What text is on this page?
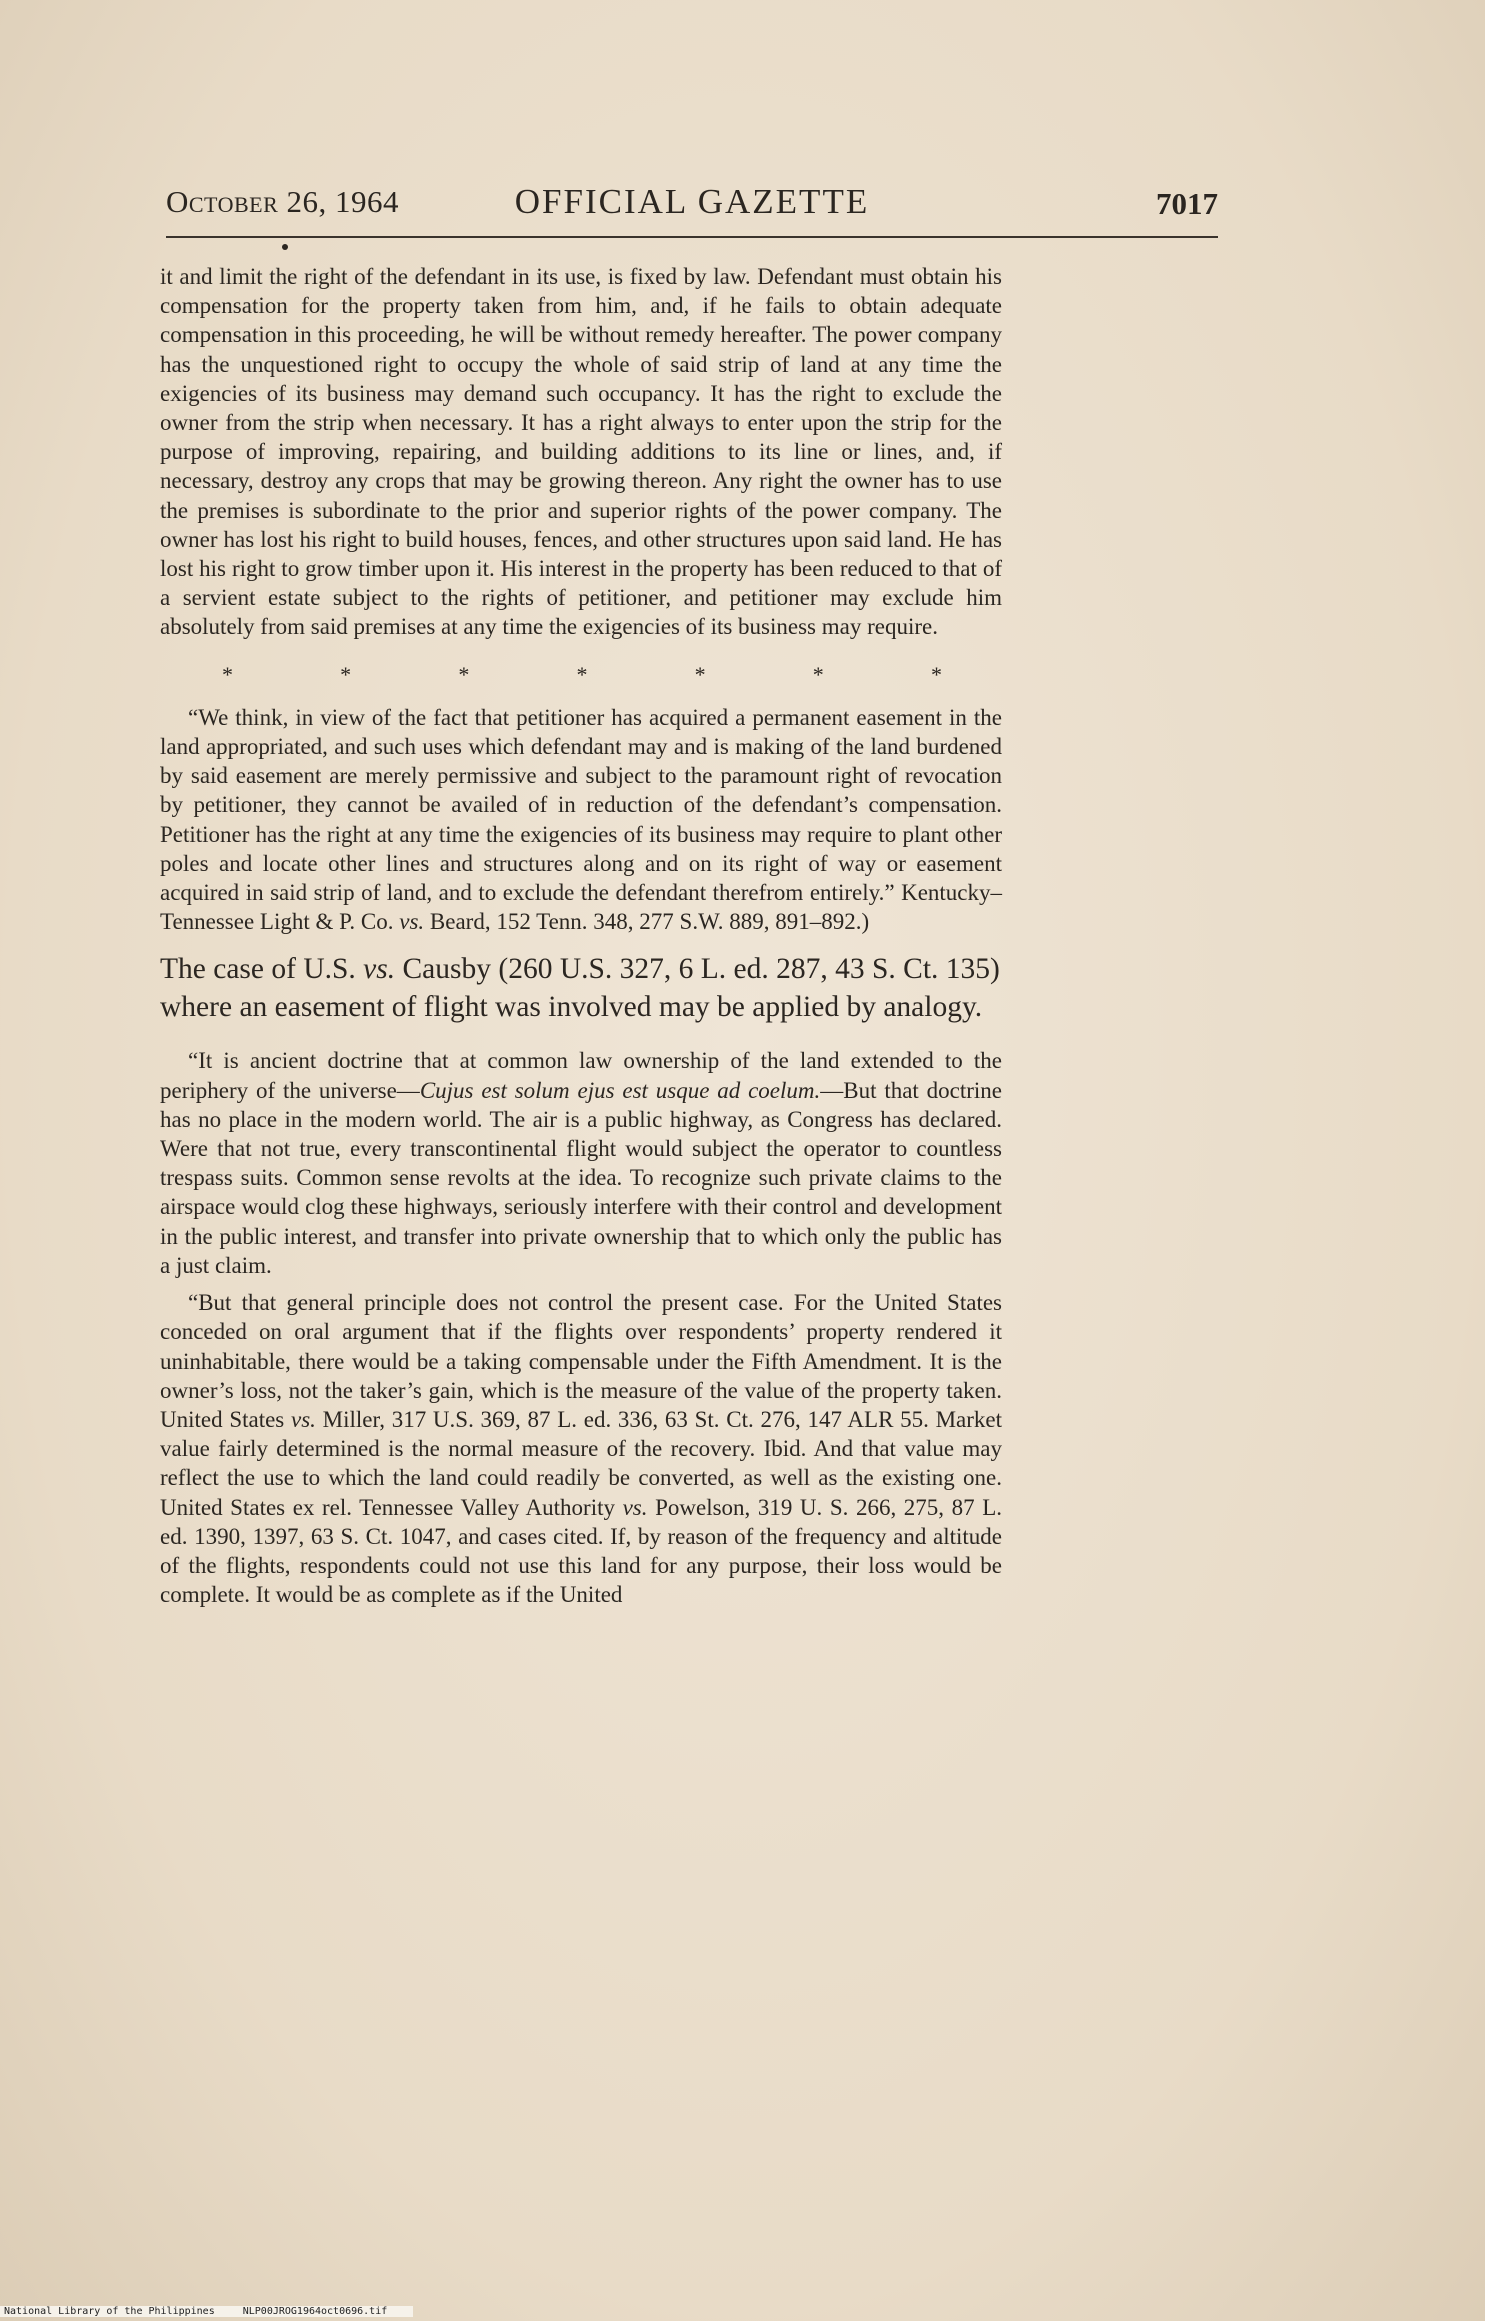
October 26, 1964	OFFICIAL GAZETTE	7017

it and limit the right of the defendant in its use, is fixed by law. Defendant must obtain his compensation for the property taken from him, and, if he fails to obtain adequate compensation in this proceeding, he will be without remedy hereafter. The power company has the unquestioned right to occupy the whole of said strip of land at any time the exigencies of its business may demand such occupancy. It has the right to exclude the owner from the strip when necessary. It has a right always to enter upon the strip for the purpose of improving, repairing, and building additions to its line or lines, and, if necessary, destroy any crops that may be growing thereon. Any right the owner has to use the premises is subordinate to the prior and superior rights of the power company. The owner has lost his right to build houses, fences, and other structures upon said land. He has lost his right to grow timber upon it. His interest in the property has been reduced to that of a servient estate subject to the rights of petitioner, and petitioner may exclude him absolutely from said premises at any time the exigencies of its business may require.

*	*	*	*	*	*	*

“We think, in view of the fact that petitioner has acquired a permanent easement in the land appropriated, and such uses which defendant may and is making of the land burdened by said easement are merely permissive and subject to the paramount right of revocation by petitioner, they cannot be availed of in reduction of the defendant’s compensation. Petitioner has the right at any time the exigencies of its business may require to plant other poles and locate other lines and structures along and on its right of way or easement acquired in said strip of land, and to exclude the defendant therefrom entirely.” Kentucky–Tennessee Light & P. Co. vs. Beard, 152 Tenn. 348, 277 S.W. 889, 891–892.)

The case of U.S. vs. Causby (260 U.S. 327, 6 L. ed. 287, 43 S. Ct. 135) where an easement of flight was involved may be applied by analogy.

“It is ancient doctrine that at common law ownership of the land extended to the periphery of the universe—Cujus est solum ejus est usque ad coelum.—But that doctrine has no place in the modern world. The air is a public highway, as Congress has declared. Were that not true, every transcontinental flight would subject the operator to countless trespass suits. Common sense revolts at the idea. To recognize such private claims to the airspace would clog these highways, seriously interfere with their control and development in the public interest, and transfer into private ownership that to which only the public has a just claim.

“But that general principle does not control the present case. For the United States conceded on oral argument that if the flights over respondents’ property rendered it uninhabitable, there would be a taking compensable under the Fifth Amendment. It is the owner’s loss, not the taker’s gain, which is the measure of the value of the property taken. United States vs. Miller, 317 U.S. 369, 87 L. ed. 336, 63 St. Ct. 276, 147 ALR 55. Market value fairly determined is the normal measure of the recovery. Ibid. And that value may reflect the use to which the land could readily be converted, as well as the existing one. United States ex rel. Tennessee Valley Authority vs. Powelson, 319 U. S. 266, 275, 87 L. ed. 1390, 1397, 63 S. Ct. 1047, and cases cited. If, by reason of the frequency and altitude of the flights, respondents could not use this land for any purpose, their loss would be complete. It would be as complete as if the United

National Library of the Philippines	NLP00JROG1964oct0696.tif
